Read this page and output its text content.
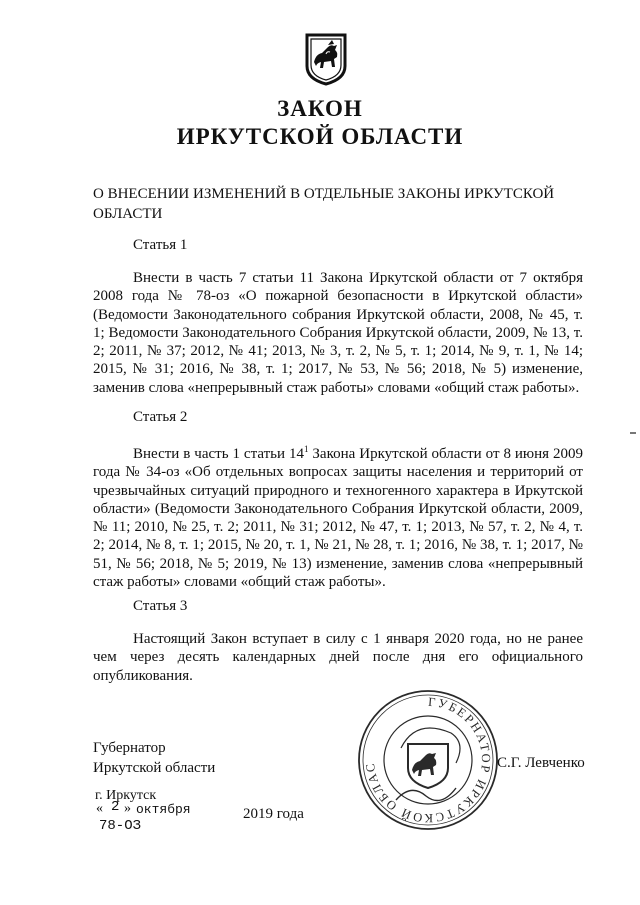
ЗАКОН
ИРКУТСКОЙ ОБЛАСТИ
О ВНЕСЕНИИ ИЗМЕНЕНИЙ В ОТДЕЛЬНЫЕ ЗАКОНЫ ИРКУТСКОЙ
ОБЛАСТИ
Статья 1
Внести в часть 7 статьи 11 Закона Иркутской области от 7 октября 2008 года № 78-оз «О пожарной безопасности в Иркутской области» (Ведомости Законодательного собрания Иркутской области, 2008, № 45, т. 1; Ведомости Законодательного Собрания Иркутской области, 2009, № 13, т. 2; 2011, № 37; 2012, № 41; 2013, № 3, т. 2, № 5, т. 1; 2014, № 9, т. 1, № 14; 2015, № 31; 2016, № 38, т. 1; 2017, № 53, № 56; 2018, № 5) изменение, заменив слова «непрерывный стаж работы» словами «общий стаж работы».
Статья 2
Внести в часть 1 статьи $14^1$ Закона Иркутской области от 8 июня 2009 года № 34-оз «Об отдельных вопросах защиты населения и территорий от чрезвычайных ситуаций природного и техногенного характера в Иркутской области» (Ведомости Законодательного Собрания Иркутской области, 2009, № 11; 2010, № 25, т. 2; 2011, № 31; 2012, № 47, т. 1; 2013, № 57, т. 2, № 4, т. 2; 2014, № 8, т. 1; 2015, № 20, т. 1, № 21, № 28, т. 1; 2016, № 38, т. 1; 2017, № 51, № 56; 2018, № 5; 2019, № 13) изменение, заменив слова «непрерывный стаж работы» словами «общий стаж работы».
Статья 3
Настоящий Закон вступает в силу с 1 января 2020 года, но не ранее чем через десять календарных дней после дня его официального опубликования.
Губернатор
Иркутской области
ГУБЕРНАТОР ИРКУТСКОЙ ОБЛАС	С.Г. Левченко
г. Иркутск
« 2 » октября	2019 года
78-ОЗ
